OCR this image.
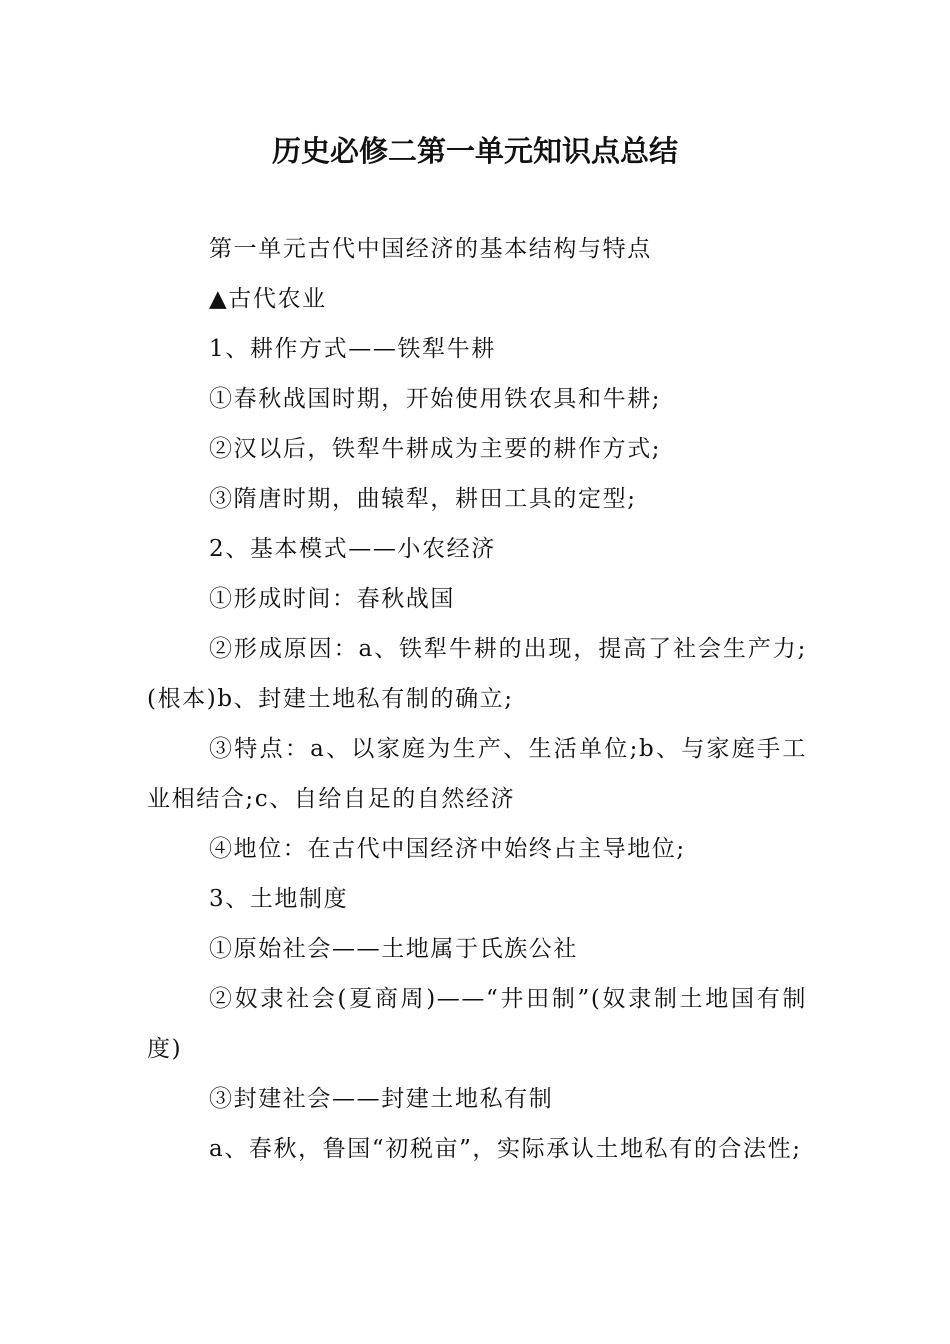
历史必修二第一单元知识点总结

第一单元古代中国经济的基本结构与特点

▲古代农业

1、耕作方式——铁犁牛耕

①春秋战国时期，开始使用铁农具和牛耕;

②汉以后，铁犁牛耕成为主要的耕作方式;

③隋唐时期，曲辕犁，耕田工具的定型;

2、基本模式——小农经济

①形成时间：春秋战国

②形成原因：a、铁犁牛耕的出现，提高了社会生产力;(根本)b、封建土地私有制的确立;

③特点：a、以家庭为生产、生活单位;b、与家庭手工业相结合;c、自给自足的自然经济

④地位：在古代中国经济中始终占主导地位;

3、土地制度

①原始社会——土地属于氏族公社

②奴隶社会(夏商周)——“井田制”(奴隶制土地国有制度)

③封建社会——封建土地私有制

a、春秋，鲁国“初税亩”，实际承认土地私有的合法性;
